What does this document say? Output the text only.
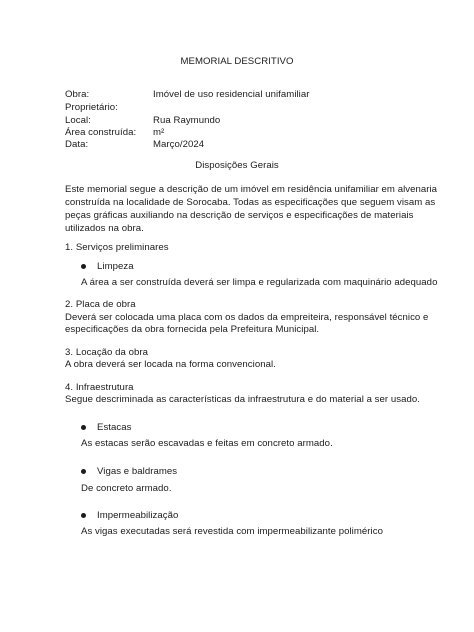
MEMORIAL DESCRITIVO
Obra:	Imóvel de uso residencial unifamiliar
Proprietário:
Local:	Rua Raymundo
Área construída: m²
Data:	Março/2024
Disposições Gerais
Este memorial segue a descrição de um imóvel em residência unifamiliar em alvenaria
construída na localidade de Sorocaba. Todas as especificações que seguem visam as
peças gráficas auxiliando na descrição de serviços e especificações de materiais
utilizados na obra.
1. Serviços preliminares
Limpeza
A área a ser construída deverá ser limpa e regularizada com maquinário adequado
2. Placa de obra
Deverá ser colocada uma placa com os dados da empreiteira, responsável técnico e
especificações da obra fornecida pela Prefeitura Municipal.
3. Locação da obra
A obra deverá ser locada na forma convencional.
4. Infraestrutura
Segue descriminada as características da infraestrutura e do material a ser usado.
Estacas
As estacas serão escavadas e feitas em concreto armado.
Vigas e baldrames
De concreto armado.
Impermeabilização
As vigas executadas será revestida com impermeabilizante polimérico
